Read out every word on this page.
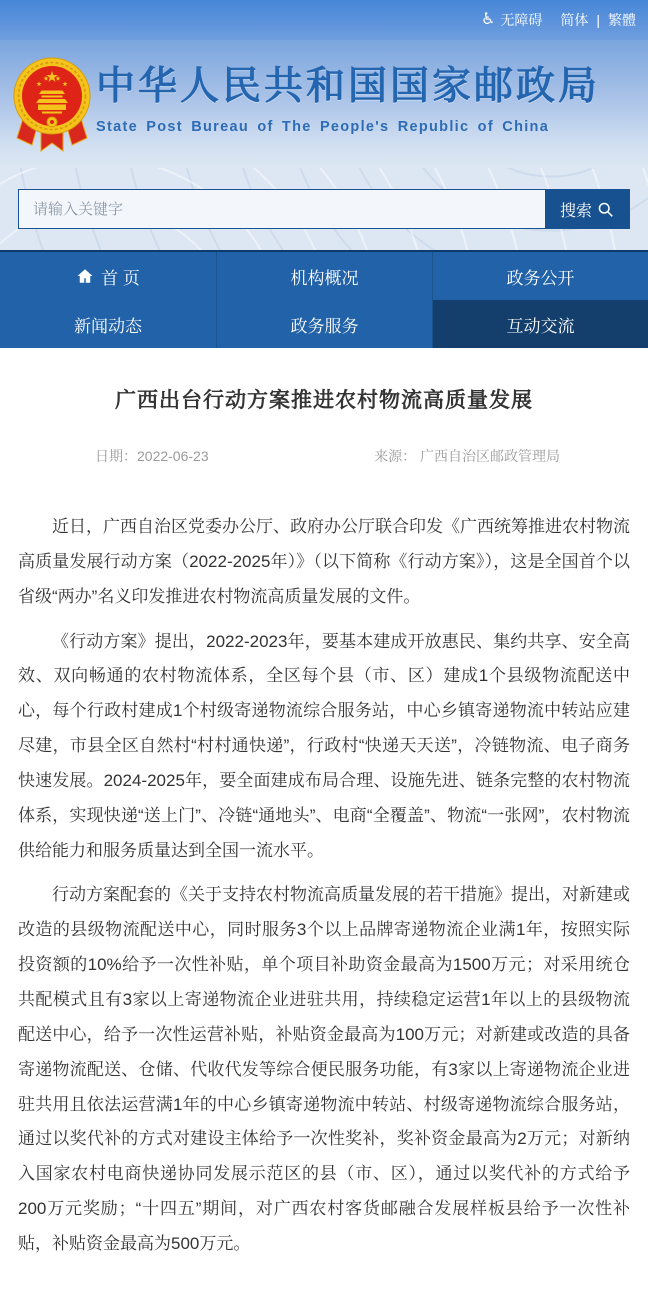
♿ 无障碍 简体 | 繁體
中华人民共和国国家邮政局
State Post Bureau of The People's Republic of China
请输入关键字
搜索
首 页	机构概况	政务公开
新闻动态	政务服务	互动交流
广西出台行动方案推进农村物流高质量发展
日期：2022-06-23	来源： 广西自治区邮政管理局

近日，广西自治区党委办公厅、政府办公厅联合印发《广西统筹推进农村物流高质量发展行动方案（2022-2025年）》（以下简称《行动方案》），这是全国首个以省级“两办”名义印发推进农村物流高质量发展的文件。

《行动方案》提出，2022-2023年，要基本建成开放惠民、集约共享、安全高效、双向畅通的农村物流体系，全区每个县（市、区）建成1个县级物流配送中心，每个行政村建成1个村级寄递物流综合服务站，中心乡镇寄递物流中转站应建尽建，市县全区自然村“村村通快递”，行政村“快递天天送”，冷链物流、电子商务快速发展。2024-2025年，要全面建成布局合理、设施先进、链条完整的农村物流体系，实现快递“送上门”、冷链“通地头”、电商“全覆盖”、物流“一张网”，农村物流供给能力和服务质量达到全国一流水平。

行动方案配套的《关于支持农村物流高质量发展的若干措施》提出，对新建或改造的县级物流配送中心，同时服务3个以上品牌寄递物流企业满1年，按照实际投资额的10%给予一次性补贴，单个项目补助资金最高为1500万元；对采用统仓共配模式且有3家以上寄递物流企业进驻共用，持续稳定运营1年以上的县级物流配送中心，给予一次性运营补贴，补贴资金最高为100万元；对新建或改造的具备寄递物流配送、仓储、代收代发等综合便民服务功能，有3家以上寄递物流企业进驻共用且依法运营满1年的中心乡镇寄递物流中转站、村级寄递物流综合服务站，通过以奖代补的方式对建设主体给予一次性奖补，奖补资金最高为2万元；对新纳入国家农村电商快递协同发展示范区的县（市、区），通过以奖代补的方式给予200万元奖励；“十四五”期间，对广西农村客货邮融合发展样板县给予一次性补贴，补贴资金最高为500万元。
